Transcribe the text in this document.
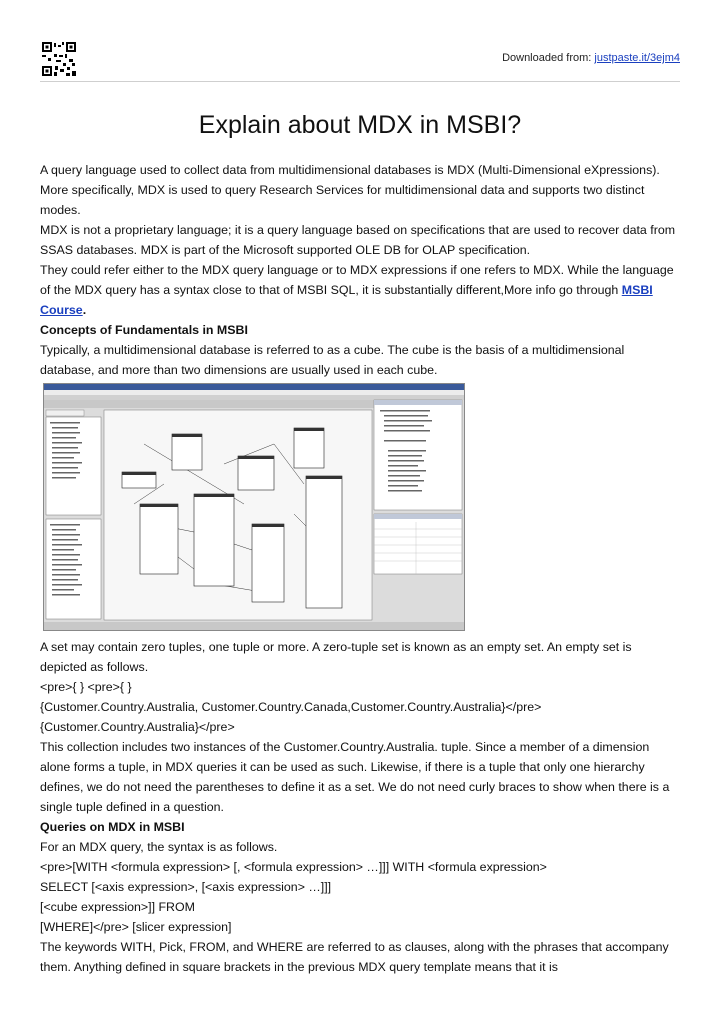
Downloaded from: justpaste.it/3ejm4
Explain about MDX in MSBI?

A query language used to collect data from multidimensional databases is MDX (Multi-Dimensional eXpressions). More specifically, MDX is used to query Research Services for multidimensional data and supports two distinct modes.

MDX is not a proprietary language; it is a query language based on specifications that are used to recover data from SSAS databases. MDX is part of the Microsoft supported OLE DB for OLAP specification.

They could refer either to the MDX query language or to MDX expressions if one refers to MDX. While the language of the MDX query has a syntax close to that of MSBI SQL, it is substantially different,More info go through MSBI Course.

Concepts of Fundamentals in MSBI

Typically, a multidimensional database is referred to as a cube. The cube is the basis of a multidimensional database, and more than two dimensions are usually used in each cube.

A set may contain zero tuples, one tuple or more. A zero-tuple set is known as an empty set. An empty set is depicted as follows.

<pre>{ } <pre>{ }

{Customer.Country.Australia, Customer.Country.Canada,Customer.Country.Australia}</pre>

{Customer.Country.Australia}</pre>

This collection includes two instances of the Customer.Country.Australia. tuple. Since a member of a dimension alone forms a tuple, in MDX queries it can be used as such. Likewise, if there is a tuple that only one hierarchy defines, we do not need the parentheses to define it as a set. We do not need curly braces to show when there is a single tuple defined in a question.

Queries on MDX in MSBI

For an MDX query, the syntax is as follows.

<pre>[WITH <formula expression> [, <formula expression> …]]] WITH <formula expression>

SELECT [<axis expression>, [<axis expression> …]]]

[<cube expression>]] FROM

[WHERE]</pre> [slicer expression]

The keywords WITH, Pick, FROM, and WHERE are referred to as clauses, along with the phrases that accompany them. Anything defined in square brackets in the previous MDX query template means that it is
